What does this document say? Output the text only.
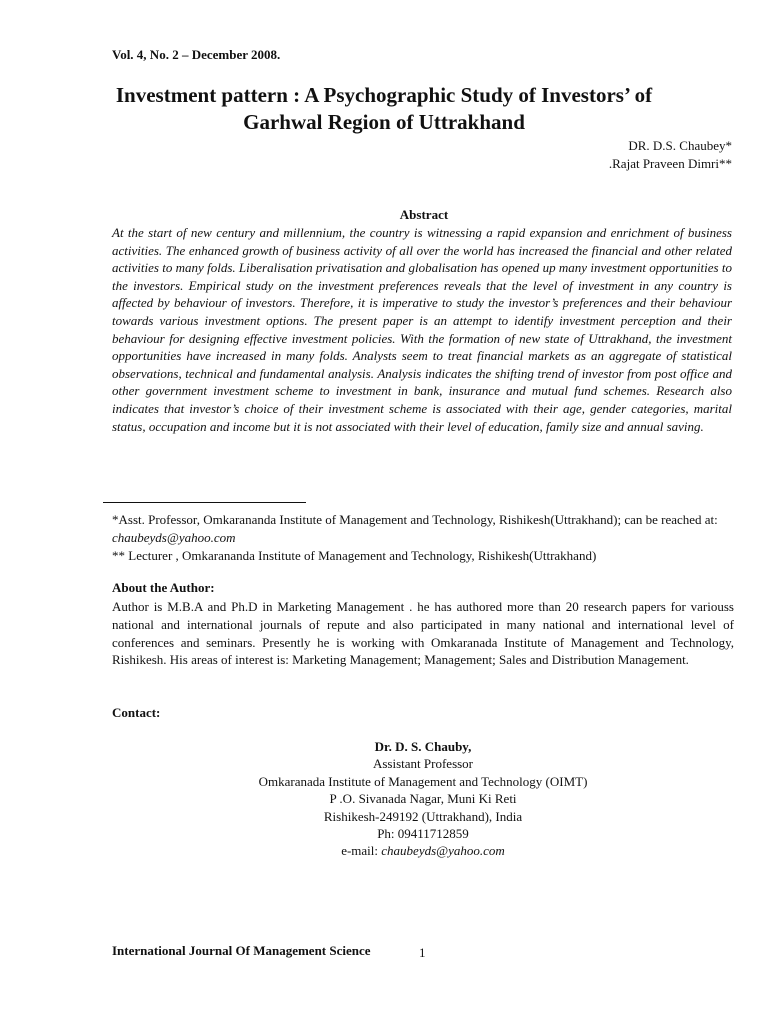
Vol. 4, No. 2 – December 2008.
Investment pattern : A Psychographic Study of Investors’ of
Garhwal Region of Uttrakhand
DR. D.S. Chaubey*
.Rajat Praveen Dimri**
Abstract
At the start of new century and millennium, the country is witnessing a rapid expansion and enrichment of business activities. The enhanced growth of business activity of all over the world has increased the financial and other related activities to many folds. Liberalisation privatisation and globalisation has opened up many investment opportunities to the investors. Empirical study on the investment preferences reveals that the level of investment in any country is affected by behaviour of investors. Therefore, it is imperative to study the investor’s preferences and their behaviour towards various investment options. The present paper is an attempt to identify investment perception and their behaviour for designing effective investment policies. With the formation of new state of Uttrakhand, the investment opportunities have increased in many folds. Analysts seem to treat financial markets as an aggregate of statistical observations, technical and fundamental analysis. Analysis indicates the shifting trend of investor from post office and other government investment scheme to investment in bank, insurance and mutual fund schemes. Research also indicates that investor’s choice of their investment scheme is associated with their age, gender categories, marital status, occupation and income but it is not associated with their level of education, family size and annual saving.
*Asst. Professor, Omkarananda Institute of Management and Technology, Rishikesh(Uttrakhand); can be reached at: chaubeyds@yahoo.com
** Lecturer , Omkarananda Institute of Management and Technology, Rishikesh(Uttrakhand)
About the Author:
Author is M.B.A and Ph.D in Marketing Management . he has authored more than 20 research papers for variouss national and international journals of repute and also participated in many national and international level of conferences and seminars. Presently he is working with Omkaranada Institute of Management and Technology, Rishikesh. His areas of interest is: Marketing Management; Management; Sales and Distribution Management.
Contact:
Dr. D. S. Chauby,
Assistant Professor
Omkaranada Institute of Management and Technology (OIMT)
P .O. Sivanada Nagar, Muni Ki Reti
Rishikesh-249192 (Uttrakhand), India
Ph: 09411712859
e-mail: chaubeyds@yahoo.com
International Journal Of Management Science	1
